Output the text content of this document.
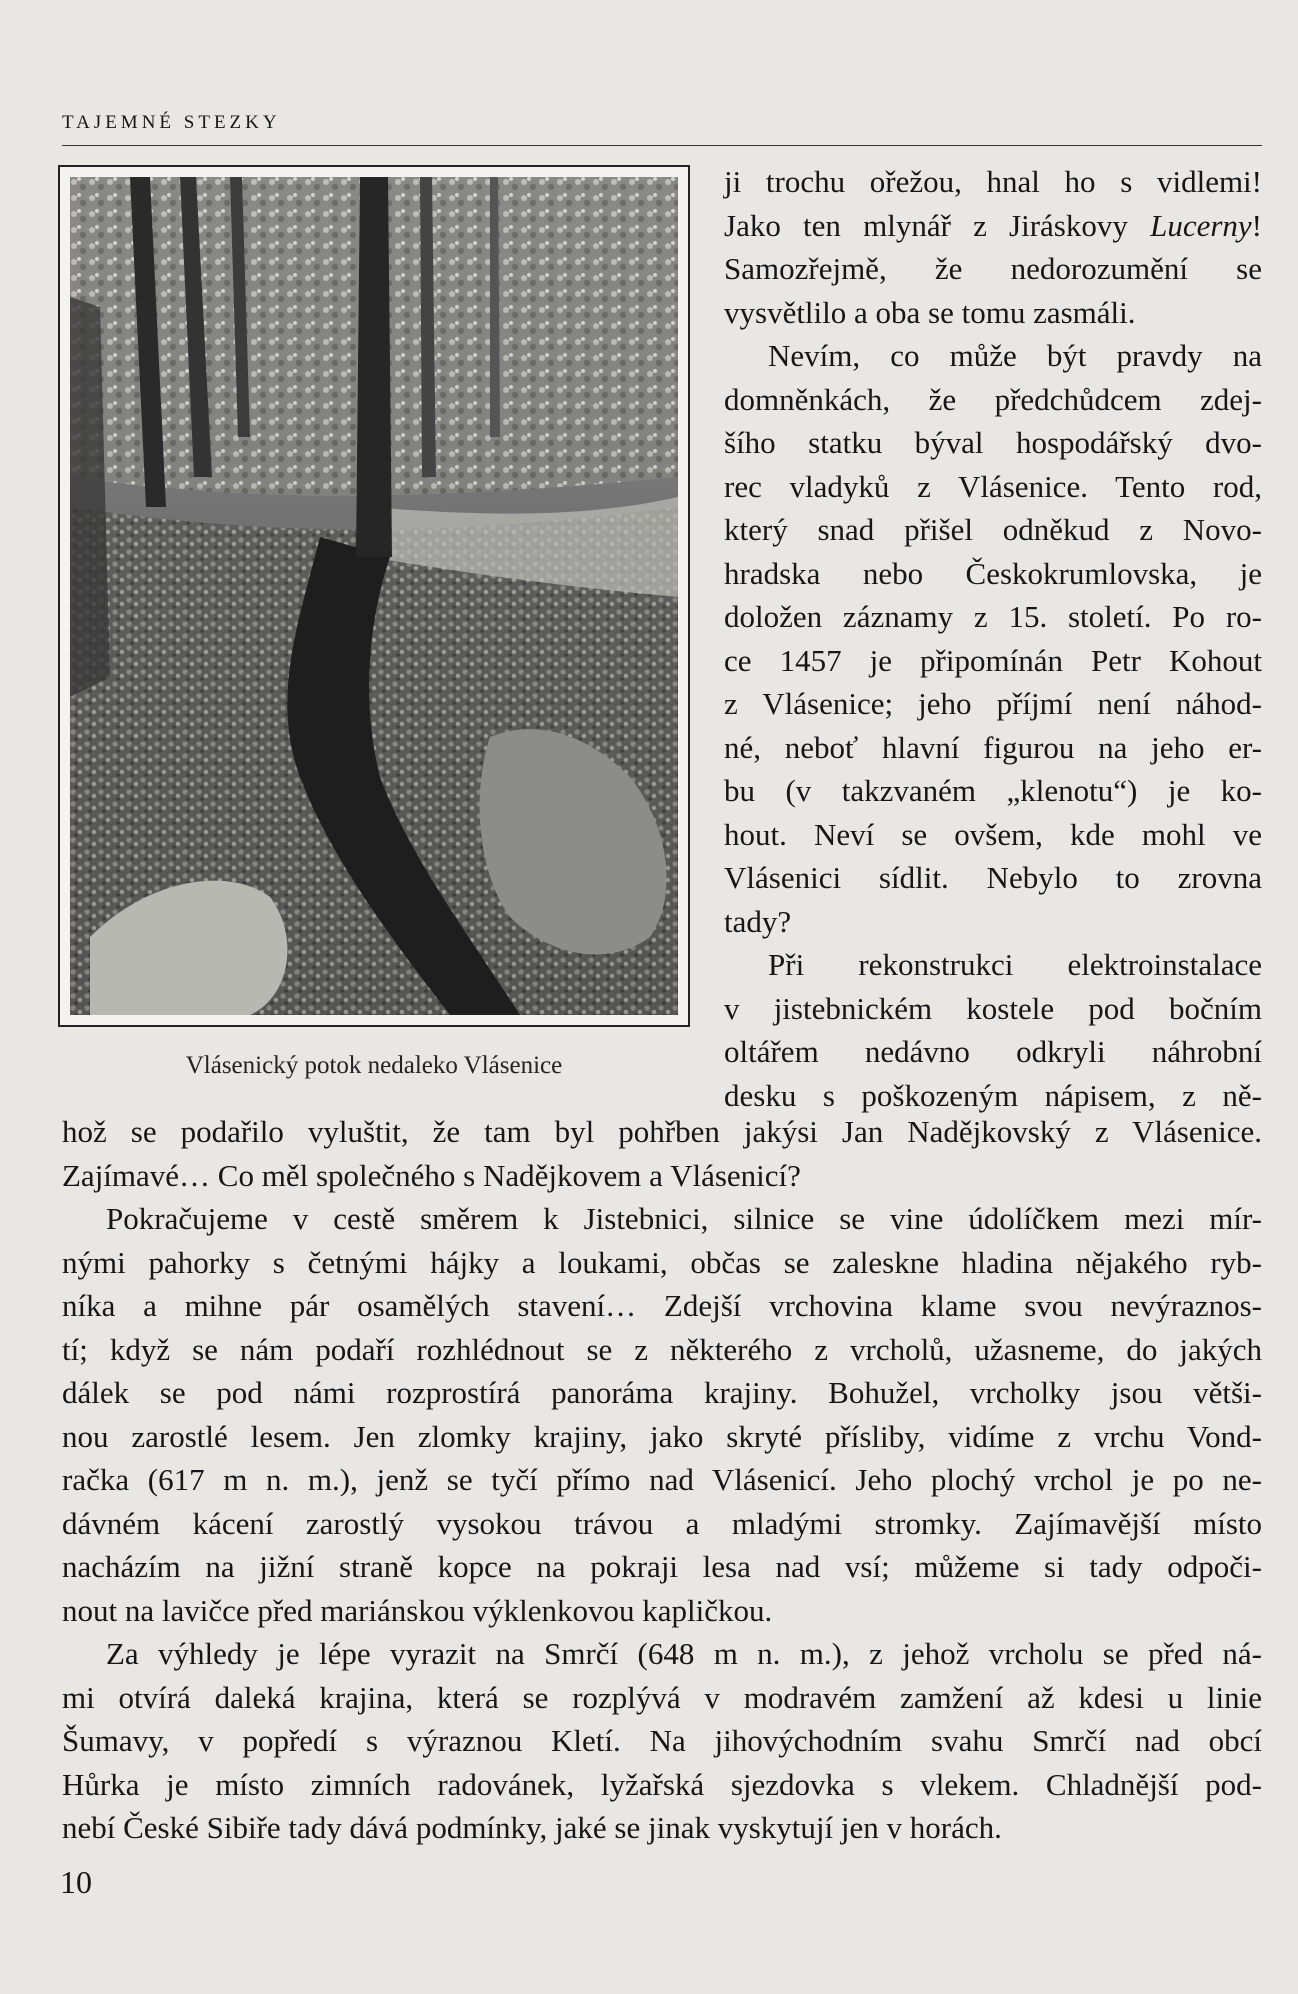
TAJEMNÉ STEZKY
Vlásenický potok nedaleko Vlásenice
ji trochu ořežou, hnal ho s vidlemi!
Jako ten mlynář z Jiráskovy Lucerny!
Samozřejmě, že nedorozumění se
vysvětlilo a oba se tomu zasmáli.
Nevím, co může být pravdy na
domněnkách, že předchůdcem zdej-
šího statku býval hospodářský dvo-
rec vladyků z Vlásenice. Tento rod,
který snad přišel odněkud z Novo-
hradska nebo Českokrumlovska, je
doložen záznamy z 15. století. Po ro-
ce 1457 je připomínán Petr Kohout
z Vlásenice; jeho příjmí není náhod-
né, neboť hlavní figurou na jeho er-
bu (v takzvaném „klenotu“) je ko-
hout. Neví se ovšem, kde mohl ve
Vlásenici sídlit. Nebylo to zrovna
tady?
Při rekonstrukci elektroinstalace
v jistebnickém kostele pod bočním
oltářem nedávno odkryli náhrobní
desku s poškozeným nápisem, z ně-
hož se podařilo vyluštit, že tam byl pohřben jakýsi Jan Nadějkovský z Vlásenice.
Zajímavé… Co měl společného s Nadějkovem a Vlásenicí?
Pokračujeme v cestě směrem k Jistebnici, silnice se vine údolíčkem mezi mír-
nými pahorky s četnými hájky a loukami, občas se zaleskne hladina nějakého ryb-
níka a mihne pár osamělých stavení… Zdejší vrchovina klame svou nevýraznos-
tí; když se nám podaří rozhlédnout se z některého z vrcholů, užasneme, do jakých
dálek se pod námi rozprostírá panoráma krajiny. Bohužel, vrcholky jsou větši-
nou zarostlé lesem. Jen zlomky krajiny, jako skryté přísliby, vidíme z vrchu Vond-
račka (617 m n. m.), jenž se tyčí přímo nad Vlásenicí. Jeho plochý vrchol je po ne-
dávném kácení zarostlý vysokou trávou a mladými stromky. Zajímavější místo
nacházím na jižní straně kopce na pokraji lesa nad vsí; můžeme si tady odpoči-
nout na lavičce před mariánskou výklenkovou kapličkou.
Za výhledy je lépe vyrazit na Smrčí (648 m n. m.), z jehož vrcholu se před ná-
mi otvírá daleká krajina, která se rozplývá v modravém zamžení až kdesi u linie
Šumavy, v popředí s výraznou Kletí. Na jihovýchodním svahu Smrčí nad obcí
Hůrka je místo zimních radovánek, lyžařská sjezdovka s vlekem. Chladnější pod-
nebí České Sibiře tady dává podmínky, jaké se jinak vyskytují jen v horách.
10
